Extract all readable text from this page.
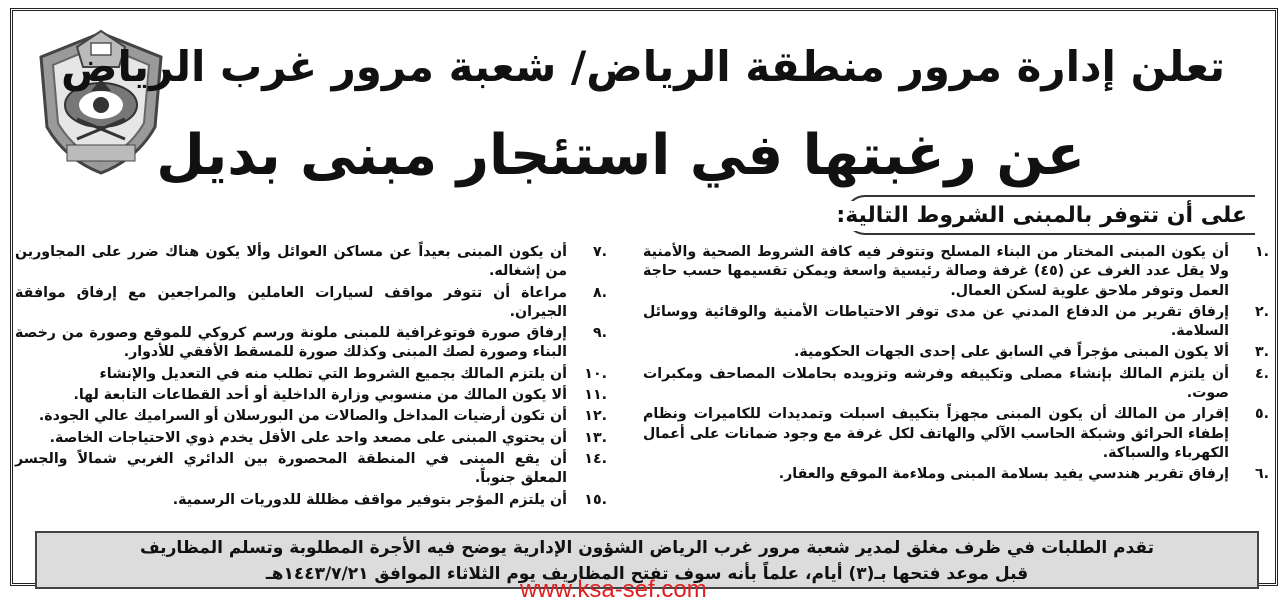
تعلن إدارة مرور منطقة الرياض/ شعبة مرور غرب الرياض
عن رغبتها في استئجار مبنى بديل
على أن تتوفر بالمبنى الشروط التالية:
.١
أن يكون المبنى المختار من البناء المسلح وتتوفر فيه كافة الشروط الصحية والأمنية ولا يقل عدد الغرف عن (٤٥) غرفة وصالة رئيسية واسعة ويمكن تقسيمها حسب حاجة العمل وتوفر ملاحق علوية لسكن العمال.
.٢
إرفاق تقرير من الدفاع المدني عن مدى توفر الاحتياطات الأمنية والوقائية ووسائل السلامة.
.٣
ألا يكون المبنى مؤجراً في السابق على إحدى الجهات الحكومية.
.٤
أن يلتزم المالك بإنشاء مصلى وتكييفه وفرشه وتزويده بحاملات المصاحف ومكبرات صوت.
.٥
إقرار من المالك أن يكون المبنى مجهزاً بتكييف اسبلت وتمديدات للكاميرات ونظام إطفاء الحرائق وشبكة الحاسب الآلي والهاتف لكل غرفة مع وجود ضمانات على أعمال الكهرباء والسباكة.
.٦
إرفاق تقرير هندسي يفيد بسلامة المبنى وملاءمة الموقع والعقار.
.٧
أن يكون المبنى بعيداً عن مساكن العوائل وألا يكون هناك ضرر على المجاورين من إشغاله.
.٨
مراعاة أن تتوفر مواقف لسيارات العاملين والمراجعين مع إرفاق موافقة الجيران.
.٩
إرفاق صورة فوتوغرافية للمبنى ملونة ورسم كروكي للموقع وصورة من رخصة البناء وصورة لصك المبنى وكذلك صورة للمسقط الأفقي للأدوار.
.١٠
أن يلتزم المالك بجميع الشروط التي تطلب منه في التعديل والإنشاء
.١١
ألا يكون المالك من منسوبي وزارة الداخلية أو أحد القطاعات التابعة لها.
.١٢
أن تكون أرضيات المداخل والصالات من البورسلان أو السراميك عالي الجودة.
.١٣
أن يحتوي المبنى على مصعد واحد على الأقل يخدم ذوي الاحتياجات الخاصة.
.١٤
أن يقع المبنى في المنطقة المحصورة بين الدائري الغربي شمالاً والجسر المعلق جنوباً.
.١٥
أن يلتزم المؤجر بتوفير مواقف مظللة للدوريات الرسمية.
تقدم الطلبات في ظرف مغلق لمدير شعبة مرور غرب الرياض الشؤون الإدارية يوضح فيه الأجرة المطلوبة وتسلم المظاريف
قبل موعد فتحها بـ(٣) أيام، علماً بأنه سوف تفتح المظاريف يوم الثلاثاء الموافق ١٤٤٣/٧/٢١هـ
www.ksa-sef.com
